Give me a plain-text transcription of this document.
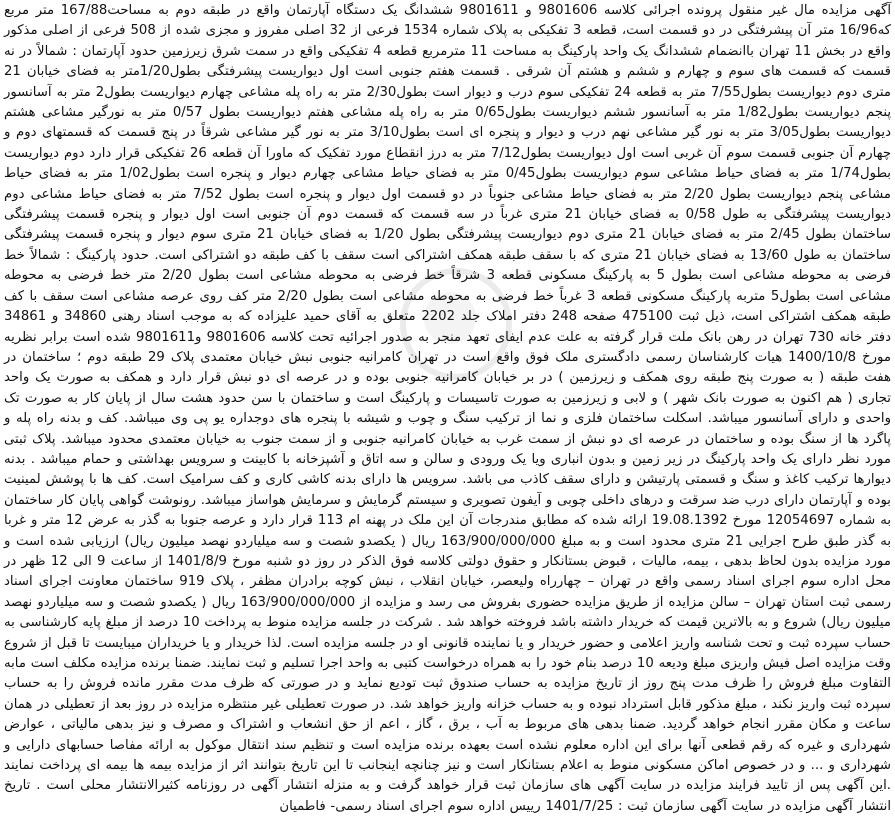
آگهی مزایده مال غیر منقول پرونده اجرائی کلاسه 9801606 و 9801611 ششدانگ یک دستگاه آپارتمان واقع در طبقه دوم به مساحت167/88 متر مربع که16/96 متر آن پیشرفتگی در دو قسمت است، قطعه 3 تفکیکی به پلاک شماره 1534 فرعی از 32 اصلی مفروز و مجزی شده از 508 فرعی از اصلی مذکور واقع در بخش 11 تهران باانضمام ششدانگ یک واحد پارکینگ به مساحت 11 مترمربع قطعه 4 تفکیکی واقع در سمت شرق زیرزمین حدود آپارتمان : شمالاً در نه قسمت که قسمت های سوم و چهارم و ششم و هشتم آن شرقی . قسمت هفتم جنوبی است اول دیواریست پیشرفتگی بطول1/20متر به فضای خیابان 21 متری دوم دیواریست بطول7/55 متر به قطعه 24 تفکیکی سوم درب و دیوار است بطول2/30 متر به راه پله مشاعی چهارم دیواریست بطول2 متر به آسانسور پنجم دیواریست بطول1/82 متر به آسانسور ششم دیواریست بطول0/65 متر به راه پله مشاعی هفتم دیواریست بطول 0/57 متر به نورگیر مشاعی هشتم دیواریست بطول3/05 متر به نور گیر مشاعی نهم درب و دیوار و پنجره ای است بطول3/10 متر به نور گیر مشاعی شرقاً در پنج قسمت که قسمتهای دوم و چهارم آن جنوبی قسمت سوم آن غربی است اول دیواریست بطول7/12 متر به درز انقطاع مورد تفکیک که ماورا آن قطعه 26 تفکیکی قرار دارد دوم دیواریست بطول1/74 متر به فضای حیاط مشاعی سوم دیواریست بطول0/45 متر به فضای حیاط مشاعی چهارم دیوار و پنجره است بطول1/02 متر به فضای حیاط مشاعی پنجم دیواریست بطول 2/20 متر به فضای حیاط مشاعی جنوباً در دو قسمت اول دیوار و پنجره است بطول 7/52 متر به فضای حیاط مشاعی دوم دیواریست پیشرفتگی به طول 0/58 به فضای خیابان 21 متری غرباً در سه قسمت که قسمت دوم آن جنوبی است اول دیوار و پنجره قسمت پیشرفتگی ساختمان بطول 2/45 متر به فضای خیابان 21 متری دوم دیواریست پیشرفتگی بطول 1/20 به فضای خیابان 21 متری سوم دیوار و پنجره قسمت پیشرفتگی ساختمان به طول 13/60 به فضای خیابان 21 متری که با سقف طبقه همکف اشتراکی است سقف با کف طبقه دو اشتراکی است. حدود پارکینگ : شمالاً خط فرضی به محوطه مشاعی است بطول 5 به پارکینگ مسکونی قطعه 3 شرقاً خط فرضی به محوطه مشاعی است بطول 2/20 متر خط فرضی به محوطه مشاعی است بطول5 متربه پارکینگ مسکونی قطعه 3 غرباً خط فرضی به محوطه مشاعی است بطول 2/20 متر کف روی عرصه مشاعی است سقف با کف طبقه همکف اشتراکی است، ذیل ثبت 475100 صفحه 248 دفتر املاک جلد 2202 متعلق به آقای حمید علیزاده که به موجب اسناد رهنی 34860 و 34861 دفتر خانه 730 تهران در رهن بانک ملت قرار گرفته به علت عدم ایفای تعهد منجر به صدور اجرائیه تحت کلاسه 9801606 و9801611 شده است برابر نظریه مورخ 1400/10/8 هیات کارشناسان رسمی دادگستری ملک فوق واقع است در تهران کامرانیه جنوبی نبش خیابان معتمدی پلاک 29 طبقه دوم ؛ ساختمان در هفت طبقه ( به صورت پنج طبقه روی همکف و زیرزمین ) در بر خیابان کامرانیه جنوبی بوده و در عرصه ای دو نبش قرار دارد و همکف به صورت یک واحد تجاری ( هم اکنون به صورت بانک شهر ) و لابی و زیرزمین به صورت تاسیسات و پارکینگ است و ساختمان با سن حدود هشت سال از پایان کار به صورت تک واحدی و دارای آسانسور میباشد. اسکلت ساختمان فلزی و نما از ترکیب سنگ و چوب و شیشه با پنجره های دوجداره یو پی وی میباشد. کف و بدنه راه پله و پاگرد ها از سنگ بوده و ساختمان در عرصه ای دو نبش از سمت غرب به خیابان کامرانیه جنوبی و از سمت جنوب به خیابان معتمدی محدود میباشد. پلاک ثبتی مورد نظر دارای یک واحد پارکینگ در زیر زمین و بدون انباری ویا یک ورودی و سالن و سه اتاق و آشپزخانه با کابینت و سرویس بهداشتی و حمام میباشد . بدنه دیوارها ترکیب کاغذ و سنگ و قسمتی پارتیشن و دارای سقف کاذب می باشد. سرویس ها دارای بدنه کاشی کاری و کف سرامیک است. کف ها با پوشش لمینیت بوده و آپارتمان دارای درب ضد سرقت و درهای داخلی چوبی و آیفون تصویری و سیستم گرمایش و سرمایش هواساز میباشد. رونوشت گواهی پایان کار ساختمان به شماره 12054697 مورخ 19.08.1392 ارائه شده که مطابق مندرجات آن این ملک در پهنه ام 113 قرار دارد و عرصه جنوبا به گذر به عرض 12 متر و غربا به گذر طبق طرح اجرایی 21 متری محدود است و به مبلغ 163/900/000/000 ریال ( یکصدو شصت و سه میلیاردو نهصد میلیون ریال) ارزیابی شده است و مورد مزایده بدون لحاظ بدهی ، بیمه، مالیات ، قبوض بستانکار و حقوق دولتی کلاسه فوق الذکر در روز دو شنبه مورخ 1401/8/9 از ساعت 9 الی 12 ظهر در محل اداره سوم اجرای اسناد رسمی واقع در تهران – چهارراه ولیعصر، خیابان انقلاب ، نبش کوچه برادران مظفر ، پلاک 919 ساختمان معاونت اجرای اسناد رسمی ثبت استان تهران – سالن مزایده از طریق مزایده حضوری بفروش می رسد و مزایده از 163/900/000/000 ریال ( یکصدو شصت و سه میلیاردو نهصد میلیون ریال) شروع و به بالاترین قیمت که خریدار داشته باشد فروخته خواهد شد . شرکت در جلسه مزایده منوط به پرداخت 10 درصد از مبلغ پایه کارشناسی به حساب سپرده ثبت و تحت شناسه واریز اعلامی و حضور خریدار و یا نماینده قانونی او در جلسه مزایده است. لذا خریدار و یا خریداران میبایست تا قبل از شروع وقت مزایده اصل فیش واریزی مبلغ ودیعه 10 درصد بنام خود را به همراه درخواست کتبی به واحد اجرا تسلیم و ثبت نمایند. ضمنا برنده مزایده مکلف است مابه التفاوت مبلغ فروش را ظرف مدت پنج روز از تاریخ مزایده به حساب صندوق ثبت تودیع نماید و در صورتی که ظرف مدت مقرر مانده فروش را به حساب سپرده ثبت واریز نکند ، مبلغ مذکور قابل استرداد نبوده و به حساب خزانه واریز خواهد شد. در صورت تعطیلی غیر منتظره مزایده در روز بعد از تعطیلی در همان ساعت و مکان مقرر انجام خواهد گردید. ضمنا بدهی های مربوط به آب ، برق ، گاز ، اعم از حق انشعاب و اشتراک و مصرف و نیز بدهی مالیاتی ، عوارض شهرداری و غیره که رقم قطعی آنها برای این اداره معلوم نشده است بعهده برنده مزایده است و تنظیم سند انتقال موکول به ارائه مفاصا حسابهای دارایی و شهرداری و ... و در خصوص اماکن مسکونی منوط به اعلام بستانکار است و نیز چنانچه اینجانب تا این تاریخ بتوانند اثر از مزایده بیمه ها بیمه ای پرداخت نمایند .این آگهی پس از تایید فرایند مزایده در سایت آگهی های سازمان ثبت قرار خواهد گرفت و به منزله انتشار آگهی در روزنامه کثیرالانتشار محلی است . تاریخ انتشار آگهی مزایده در سایت آگهی سازمان ثبت : 1401/7/25 رییس اداره سوم اجرای اسناد رسمی- فاطمیان
